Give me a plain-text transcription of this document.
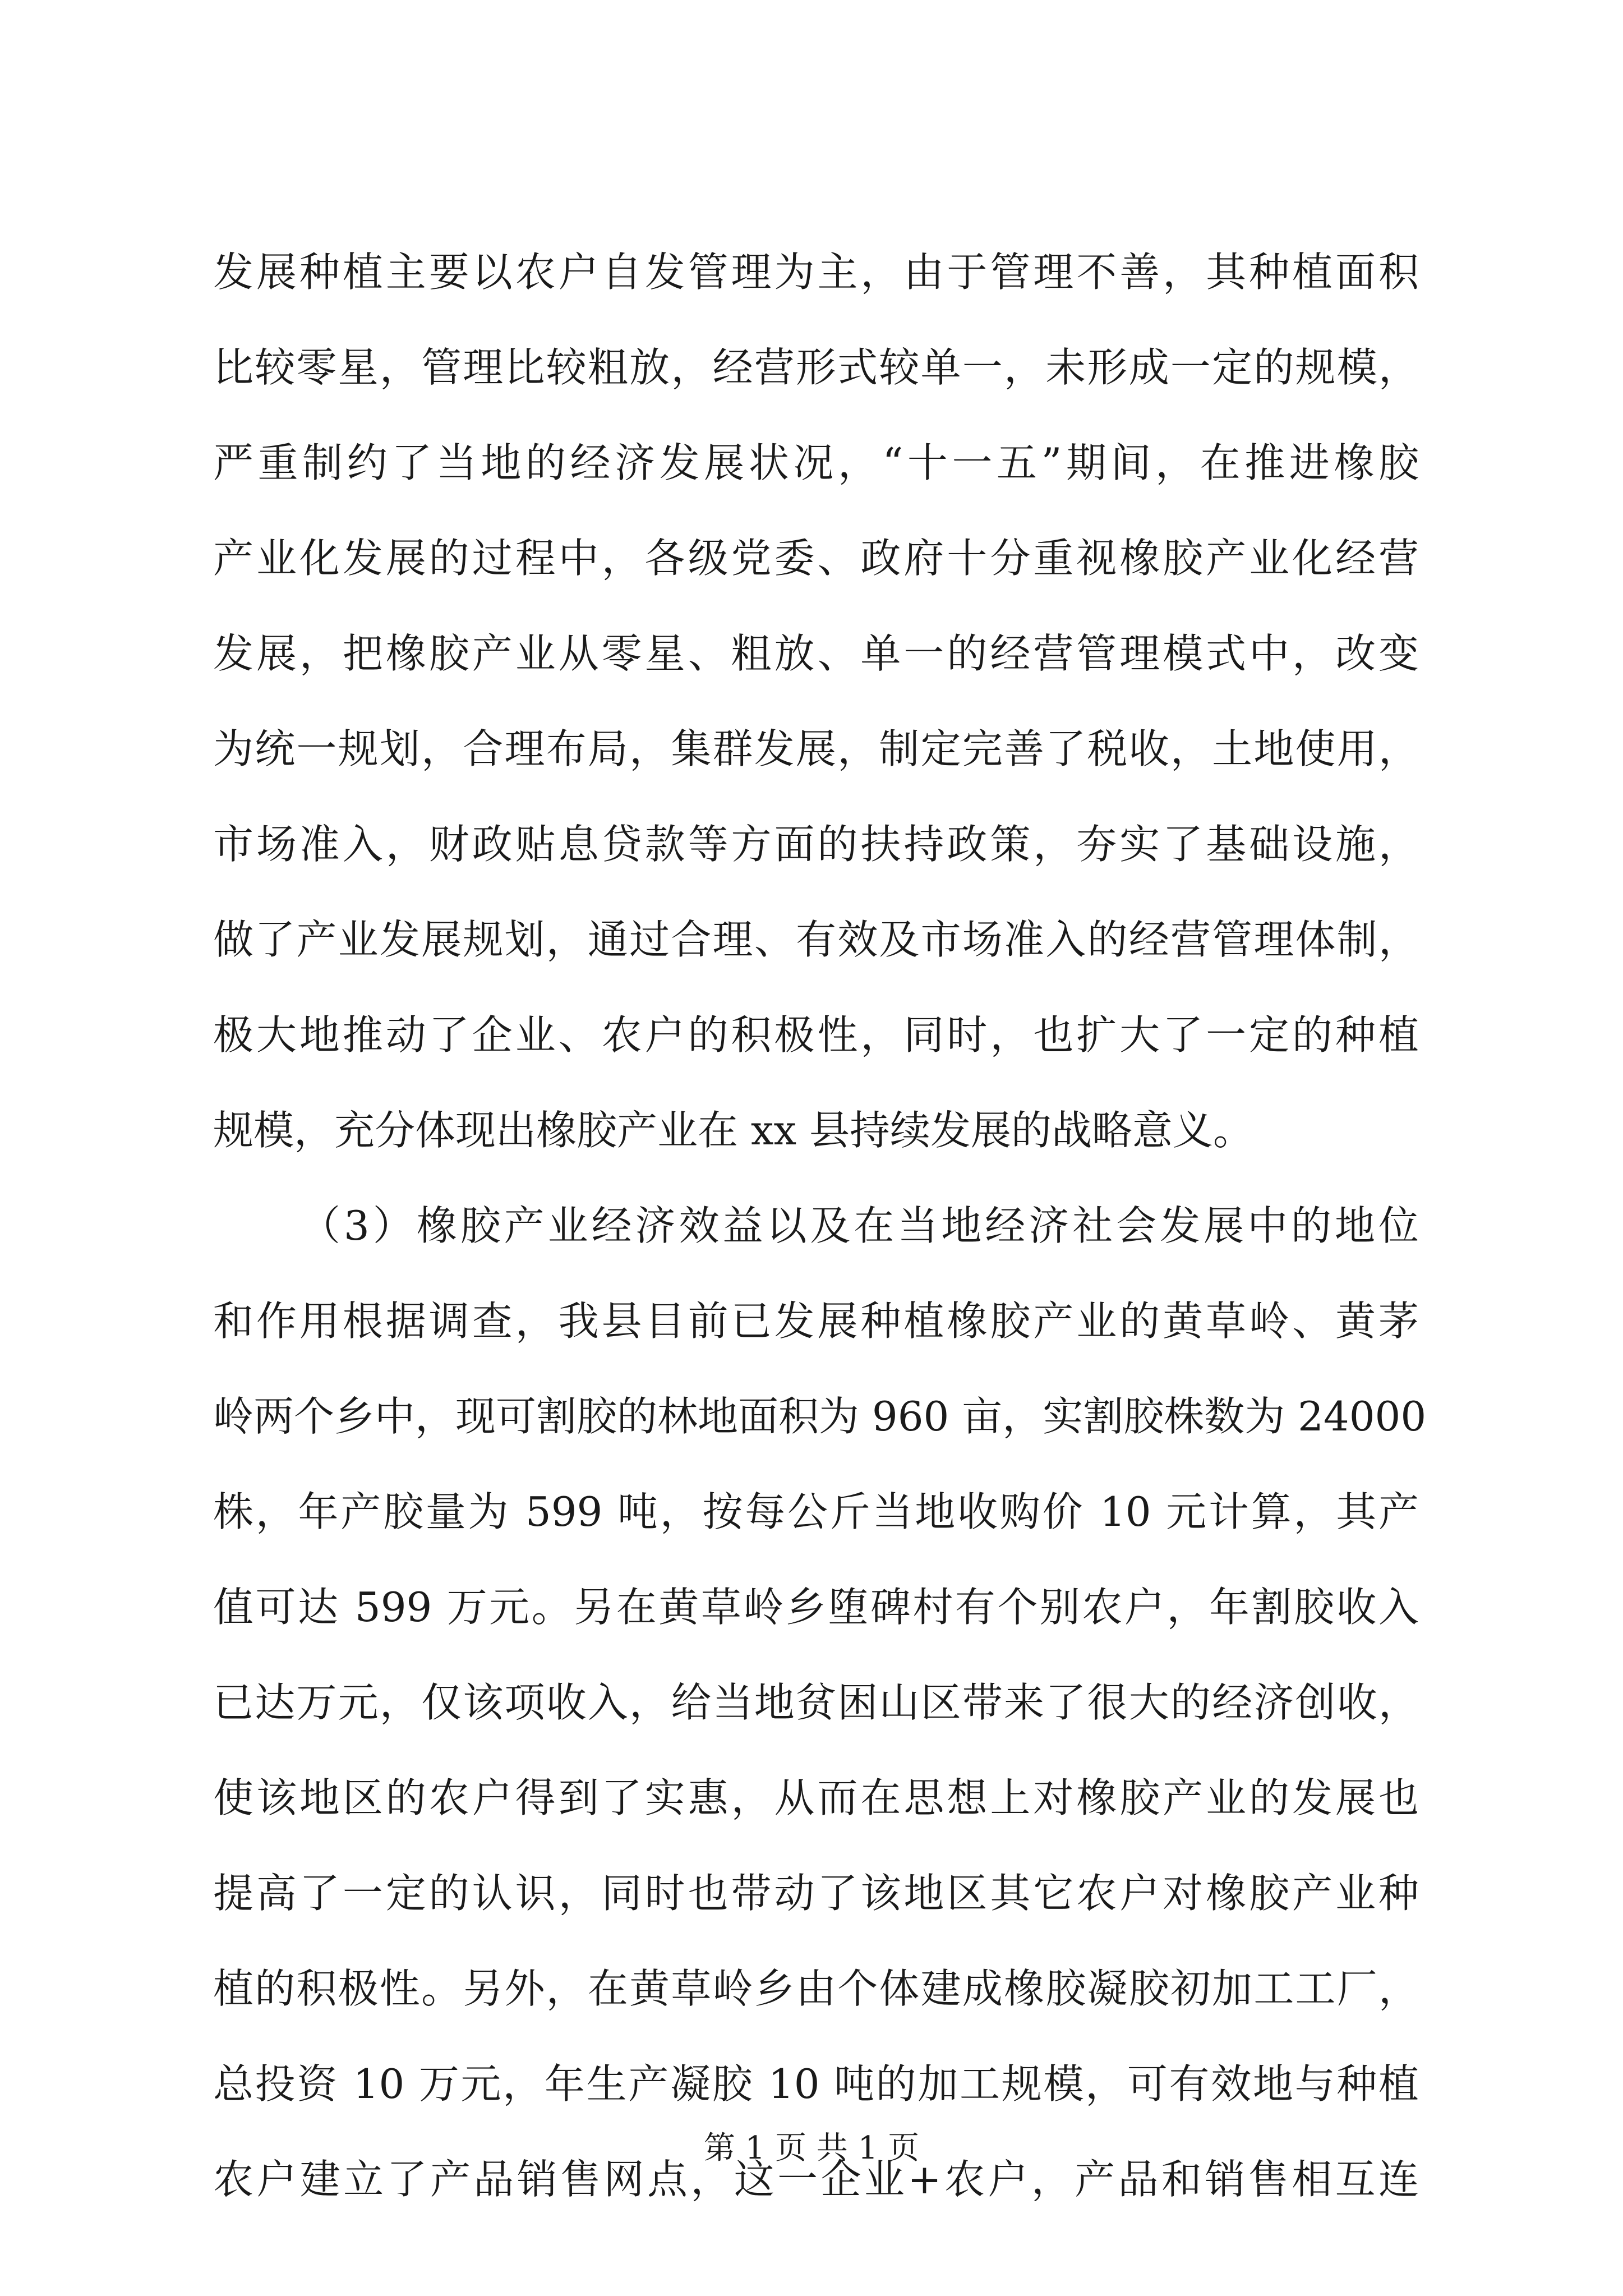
发展种植主要以农户自发管理为主，由于管理不善，其种植面积
比较零星，管理比较粗放，经营形式较单一，未形成一定的规模，
严重制约了当地的经济发展状况，“十一五”期间，在推进橡胶
产业化发展的过程中，各级党委、政府十分重视橡胶产业化经营
发展，把橡胶产业从零星、粗放、单一的经营管理模式中，改变
为统一规划，合理布局，集群发展，制定完善了税收，土地使用，
市场准入，财政贴息贷款等方面的扶持政策，夯实了基础设施，
做了产业发展规划，通过合理、有效及市场准入的经营管理体制，
极大地推动了企业、农户的积极性，同时，也扩大了一定的种植
规模，充分体现出橡胶产业在 xx 县持续发展的战略意义。
（3）橡胶产业经济效益以及在当地经济社会发展中的地位
和作用根据调查，我县目前已发展种植橡胶产业的黄草岭、黄茅
岭两个乡中，现可割胶的林地面积为 960 亩，实割胶株数为 24000
株，年产胶量为 599 吨，按每公斤当地收购价 10 元计算，其产
值可达 599 万元。另在黄草岭乡堕碑村有个别农户，年割胶收入
已达万元，仅该项收入，给当地贫困山区带来了很大的经济创收，
使该地区的农户得到了实惠，从而在思想上对橡胶产业的发展也
提高了一定的认识，同时也带动了该地区其它农户对橡胶产业种
植的积极性。另外，在黄草岭乡由个体建成橡胶凝胶初加工工厂，
总投资 10 万元，年生产凝胶 10 吨的加工规模，可有效地与种植
农户建立了产品销售网点，这一企业+农户，产品和销售相互连
第 1 页 共 1 页
